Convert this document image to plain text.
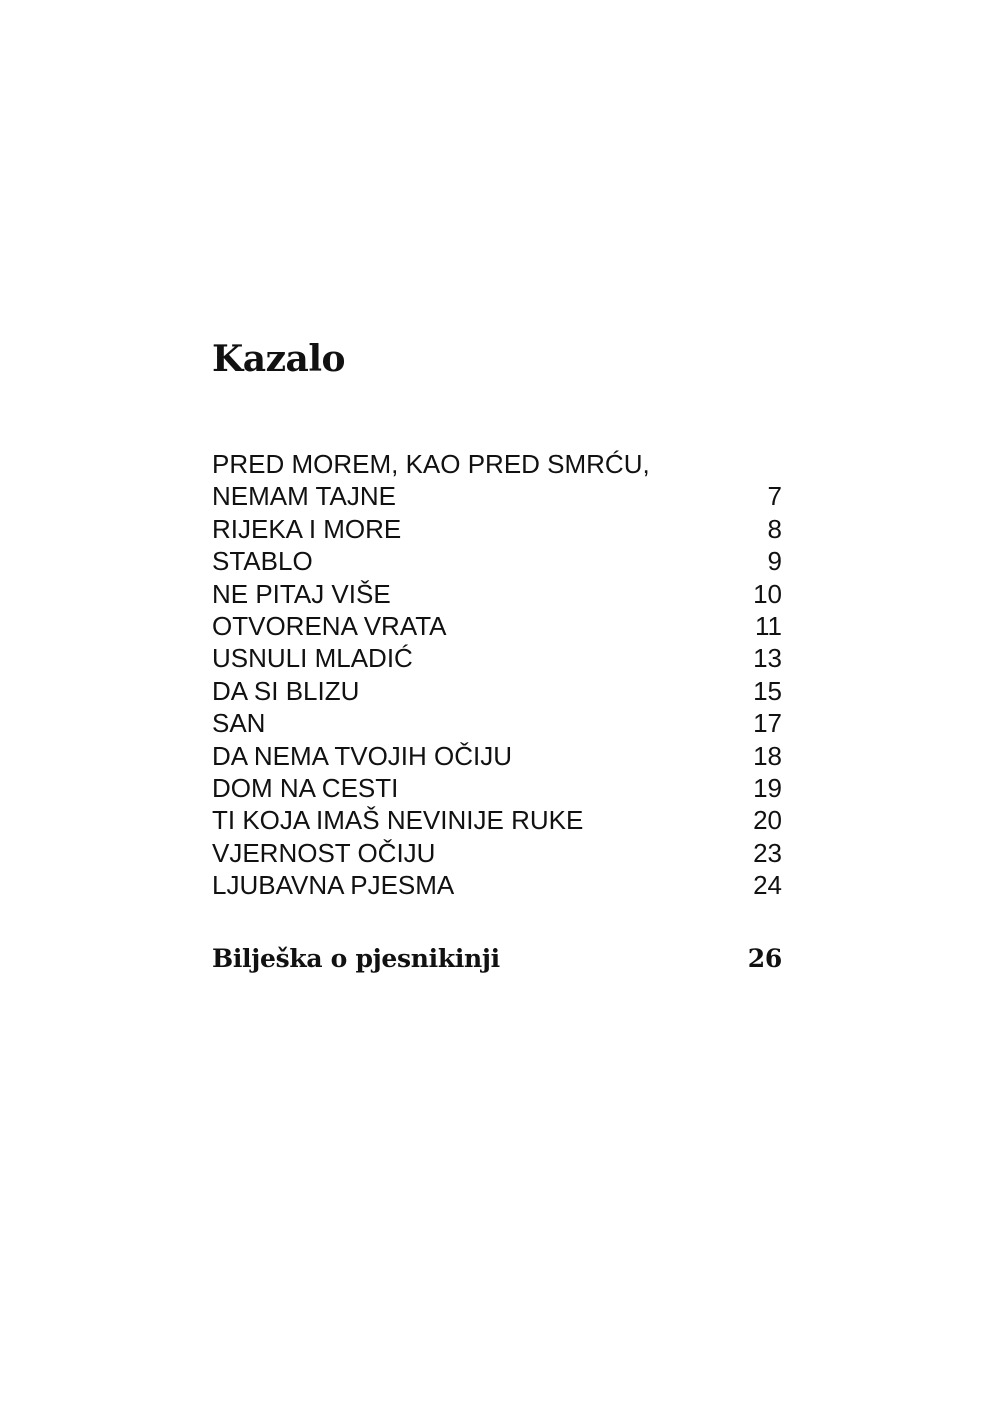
Kazalo
PRED MOREM, KAO PRED SMRĆU,
NEMAM TAJNE	7
RIJEKA I MORE	8
STABLO	9
NE PITAJ VIŠE	10
OTVORENA VRATA	11
USNULI MLADIĆ	13
DA SI BLIZU	15
SAN	17
DA NEMA TVOJIH OČIJU	18
DOM NA CESTI	19
TI KOJA IMAŠ NEVINIJE RUKE	20
VJERNOST OČIJU	23
LJUBAVNA PJESMA	24
Bilješka o pjesnikinji	26
